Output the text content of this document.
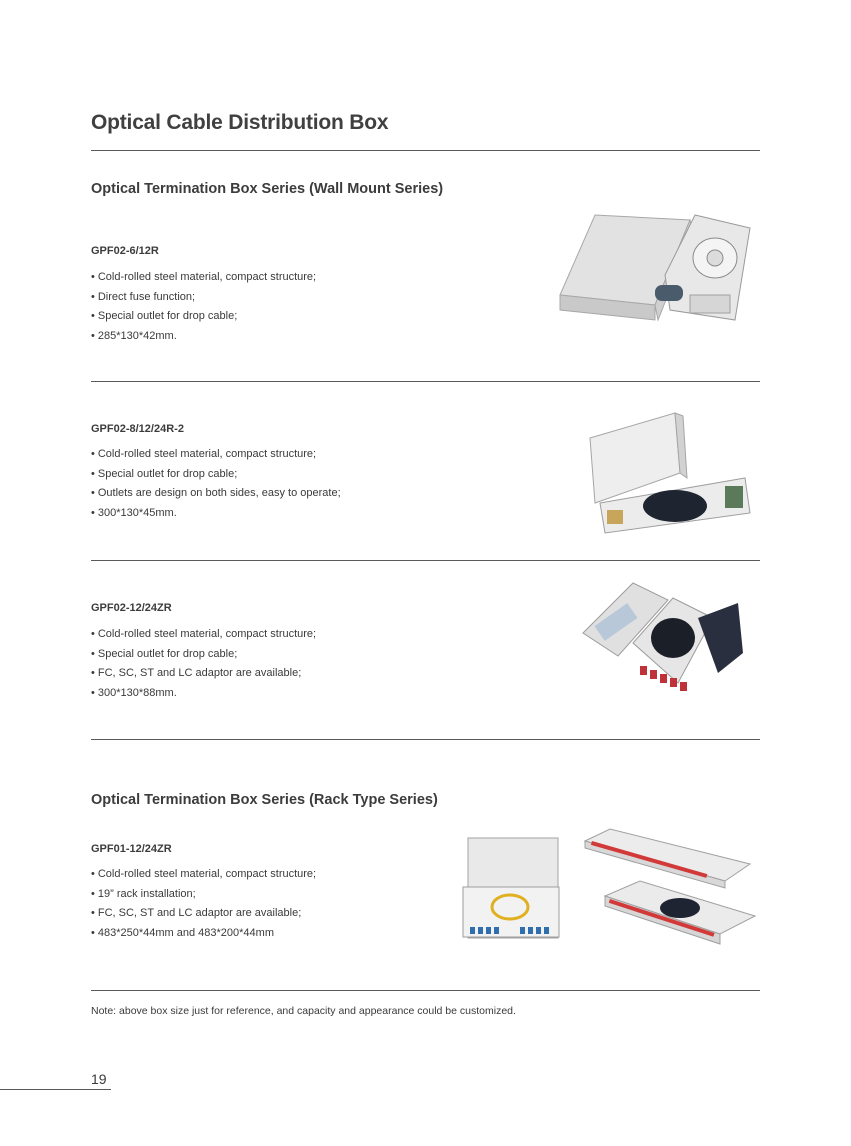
Optical Cable Distribution Box
Optical Termination Box Series (Wall Mount Series)
GPF02-6/12R
• Cold-rolled steel material, compact structure;
• Direct fuse function;
• Special outlet for drop cable;
• 285*130*42mm.
GPF02-8/12/24R-2
• Cold-rolled steel material, compact structure;
• Special outlet for drop cable;
• Outlets are design on both sides, easy to operate;
• 300*130*45mm.
GPF02-12/24ZR
• Cold-rolled steel material, compact structure;
• Special outlet for drop cable;
• FC, SC, ST and LC adaptor are available;
• 300*130*88mm.
Optical Termination Box Series (Rack Type Series)
GPF01-12/24ZR
• Cold-rolled steel material, compact structure;
• 19” rack installation;
• FC, SC, ST and LC adaptor are available;
• 483*250*44mm and 483*200*44mm
Note: above box size just for reference, and capacity and appearance could be customized.
19
